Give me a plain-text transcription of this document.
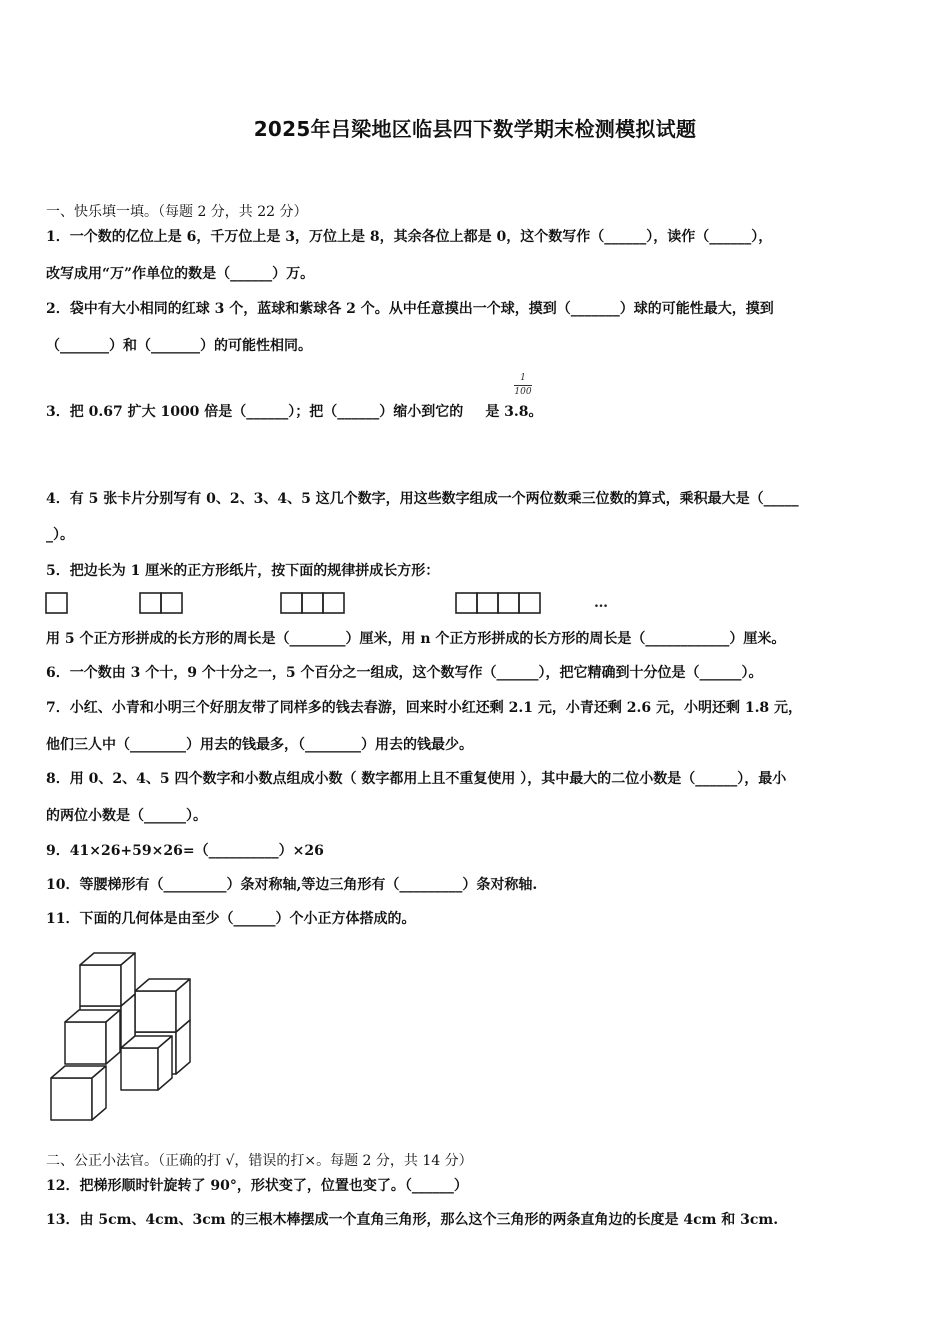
2025年吕梁地区临县四下数学期末检测模拟试题
一、快乐填一填。（每题 2 分，共 22 分）
1．一个数的亿位上是 6，千万位上是 3，万位上是 8，其余各位上都是 0，这个数写作（______），读作（______），
改写成用“万”作单位的数是（______）万。
2．袋中有大小相同的红球 3 个，蓝球和紫球各 2 个。从中任意摸出一个球，摸到（_______）球的可能性最大，摸到
（_______）和（_______）的可能性相同。
3．把 0.67 扩大 1000 倍是（______）；把（______）缩小到它的 是 3.8。
1
100
4．有 5 张卡片分别写有 0、2、3、4、5 这几个数字，用这些数字组成一个两位数乘三位数的算式，乘积最大是（_____
_）。
5．把边长为 1 厘米的正方形纸片，按下面的规律拼成长方形：
…
用 5 个正方形拼成的长方形的周长是（________）厘米，用 n 个正方形拼成的长方形的周长是（____________）厘米。
6．一个数由 3 个十，9 个十分之一，5 个百分之一组成，这个数写作（______），把它精确到十分位是（______）。
7．小红、小青和小明三个好朋友带了同样多的钱去春游，回来时小红还剩 2.1 元，小青还剩 2.6 元，小明还剩 1.8 元，
他们三人中（________）用去的钱最多，（________）用去的钱最少。
8．用 0、2、4、5 四个数字和小数点组成小数（ 数字都用上且不重复使用 ），其中最大的二位小数是（______），最小
的两位小数是（______）。
9．41×26+59×26=（__________）×26
10．等腰梯形有（_________）条对称轴,等边三角形有（_________）条对称轴.
11．下面的几何体是由至少（______）个小正方体搭成的。
二、公正小法官。（正确的打 √，错误的打×。每题 2 分，共 14 分）
12．把梯形顺时针旋转了 90°，形状变了，位置也变了。（______）
13．由 5cm、4cm、3cm 的三根木棒摆成一个直角三角形，那么这个三角形的两条直角边的长度是 4cm 和 3cm.
